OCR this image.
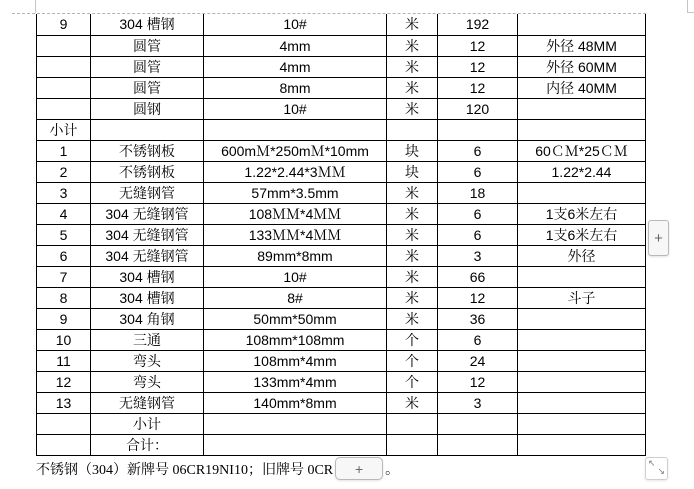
9	304 槽钢	10#	米	192	
	圆管	4mm	米	12	外径 48MM
	圆管	4mm	米	12	外径 60MM
	圆管	8mm	米	12	内径 40MM
	圆钢	10#	米	120	
小计					
1	不锈钢板	600mＭ*250mＭ*10mm	块	6	60ＣＭ*25ＣＭ
2	不锈钢板	1.22*2.44*3ＭＭ	块	6	1.22*2.44
3	无缝钢管	57mm*3.5mm	米	18	
4	304 无缝钢管	108ＭＭ*4ＭＭ	米	6	1支6米左右
5	304 无缝钢管	133ＭＭ*4ＭＭ	米	6	1支6米左右
6	304 无缝钢管	89mm*8mm	米	3	外径
7	304 槽钢	10#	米	66	
8	304 槽钢	8#	米	12	斗子
9	304 角钢	50mm*50mm	米	36	
10	三通	108mm*108mm	个	6	
11	弯头	108mm*4mm	个	24	
12	弯头	133mm*4mm	个	12	
13	无缝钢管	140mm*8mm	米	3	
	小计				
	合计：				
+
不锈钢（304）新牌号 06CR19NI10；旧牌号 0CR + 。	↖
↘
